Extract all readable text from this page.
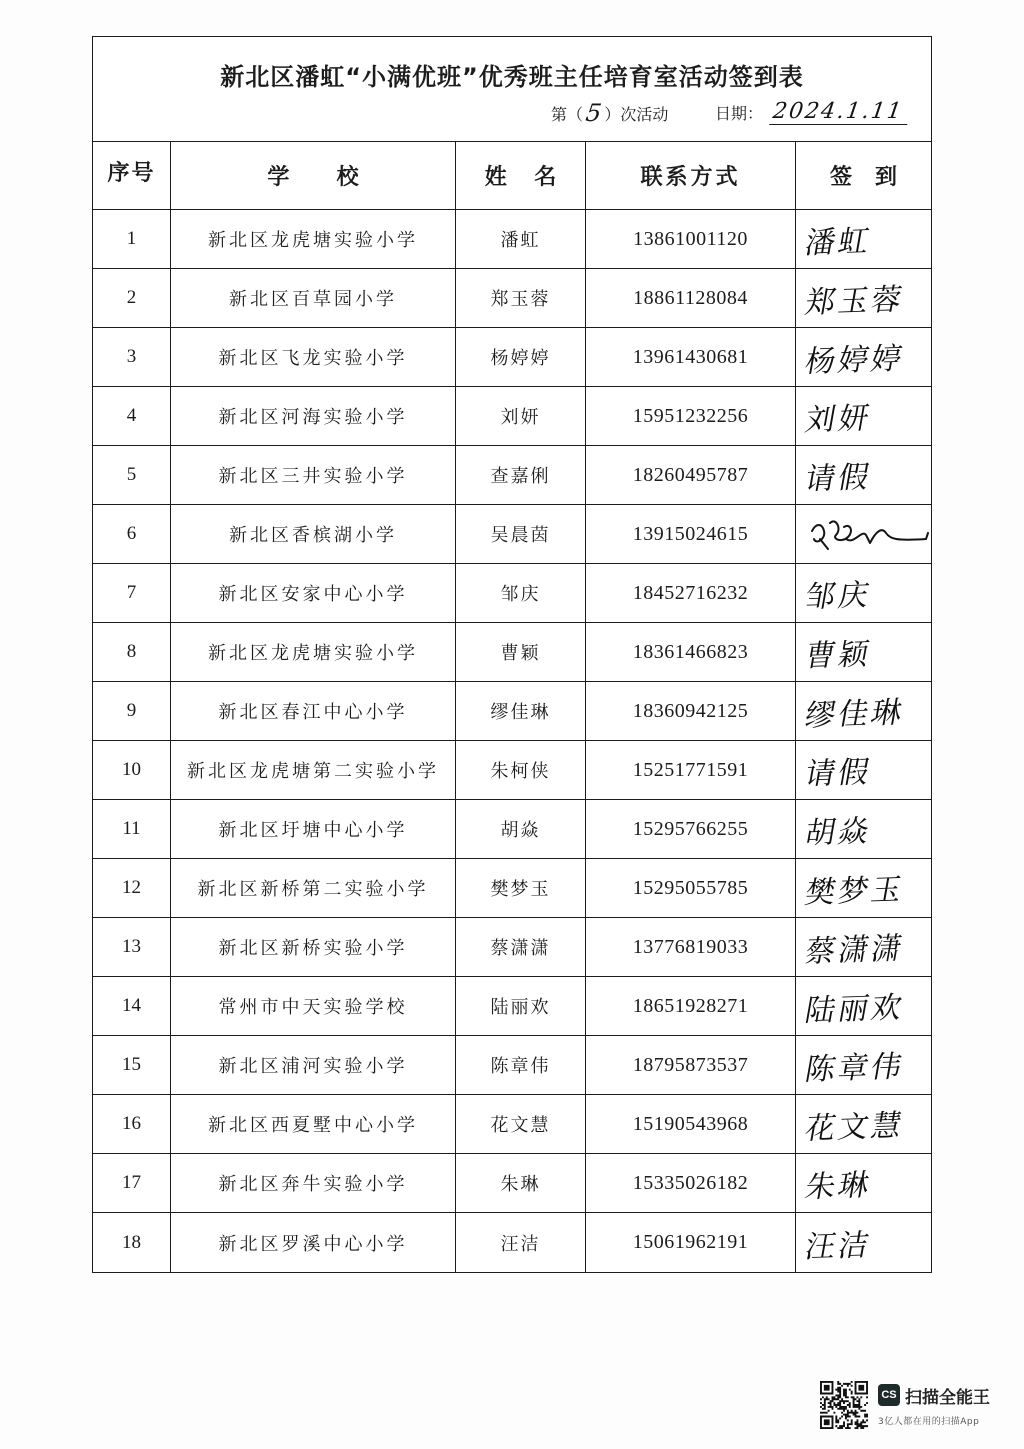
新北区潘虹“小满优班”优秀班主任培育室活动签到表
第 （ 5 ） 次活动	日期： 2024.1.11
序号	学 校	姓 名	联系方式	签 到
1	新北区龙虎塘实验小学	潘虹	13861001120	潘虹
2	新北区百草园小学	郑玉蓉	18861128084	郑玉蓉
3	新北区飞龙实验小学	杨婷婷	13961430681	杨婷婷
4	新北区河海实验小学	刘妍	15951232256	刘妍
5	新北区三井实验小学	查嘉俐	18260495787	请假
6	新北区香槟湖小学	吴晨茵	13915024615
7	新北区安家中心小学	邹庆	18452716232	邹庆
8	新北区龙虎塘实验小学	曹颖	18361466823	曹颖
9	新北区春江中心小学	缪佳琳	18360942125	缪佳琳
10	新北区龙虎塘第二实验小学	朱柯侠	15251771591	请假
11	新北区圩塘中心小学	胡焱	15295766255	胡焱
12	新北区新桥第二实验小学	樊梦玉	15295055785	樊梦玉
13	新北区新桥实验小学	蔡潇潇	13776819033	蔡潇潇
14	常州市中天实验学校	陆丽欢	18651928271	陆丽欢
15	新北区浦河实验小学	陈章伟	18795873537	陈章伟
16	新北区西夏墅中心小学	花文慧	15190543968	花文慧
17	新北区奔牛实验小学	朱琳	15335026182	朱琳
18	新北区罗溪中心小学	汪洁	15061962191	汪洁
CS 扫描全能王
3亿人都在用的扫描App
